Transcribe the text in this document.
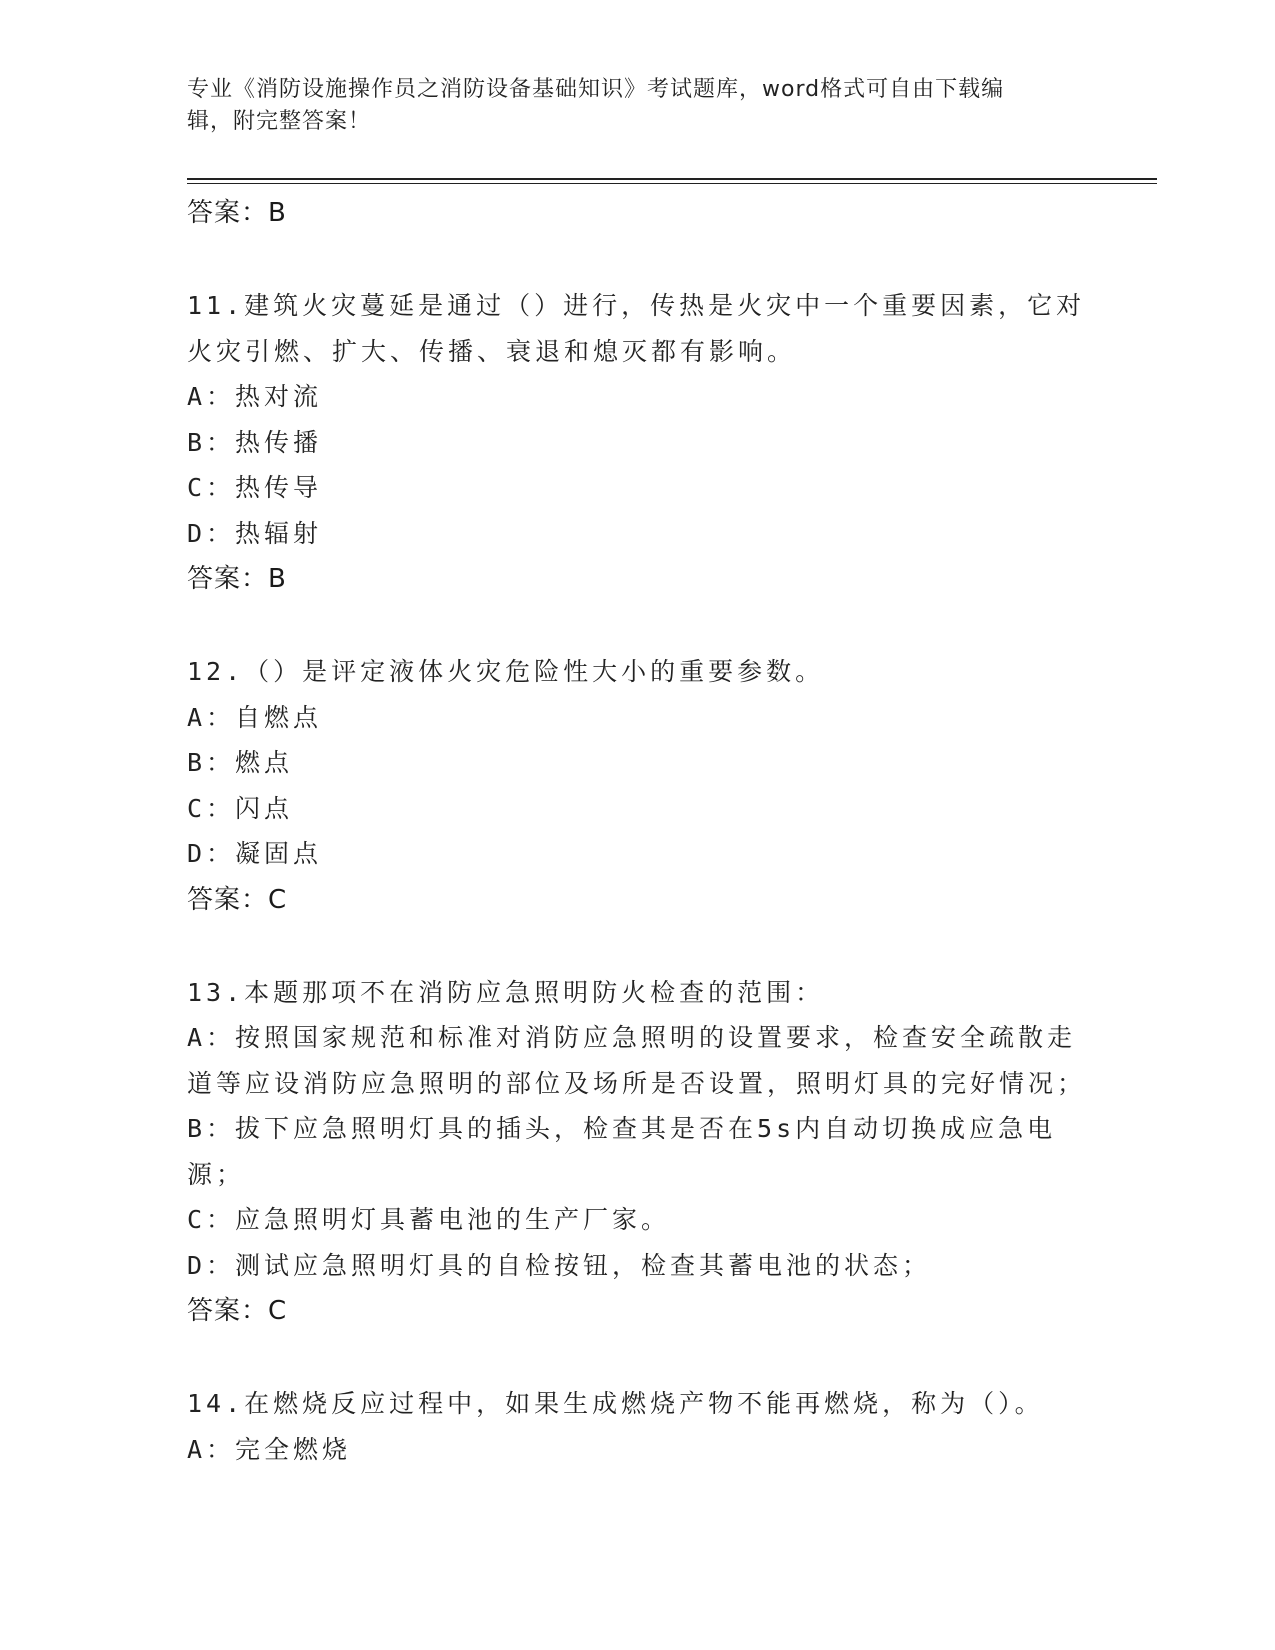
专业《消防设施操作员之消防设备基础知识》考试题库，word格式可自由下载编
辑，附完整答案！
答案：B
11.建筑火灾蔓延是通过（）进行，传热是火灾中一个重要因素，它对
火灾引燃、扩大、传播、衰退和熄灭都有影响。
A：热对流
B：热传播
C：热传导
D：热辐射
答案：B
12.（）是评定液体火灾危险性大小的重要参数。
A：自燃点
B：燃点
C：闪点
D：凝固点
答案：C
13.本题那项不在消防应急照明防火检查的范围：
A：按照国家规范和标准对消防应急照明的设置要求，检查安全疏散走
道等应设消防应急照明的部位及场所是否设置，照明灯具的完好情况；
B：拔下应急照明灯具的插头，检查其是否在5s内自动切换成应急电
源；
C：应急照明灯具蓄电池的生产厂家。
D：测试应急照明灯具的自检按钮，检查其蓄电池的状态；
答案：C
14.在燃烧反应过程中，如果生成燃烧产物不能再燃烧，称为（）。
A：完全燃烧
